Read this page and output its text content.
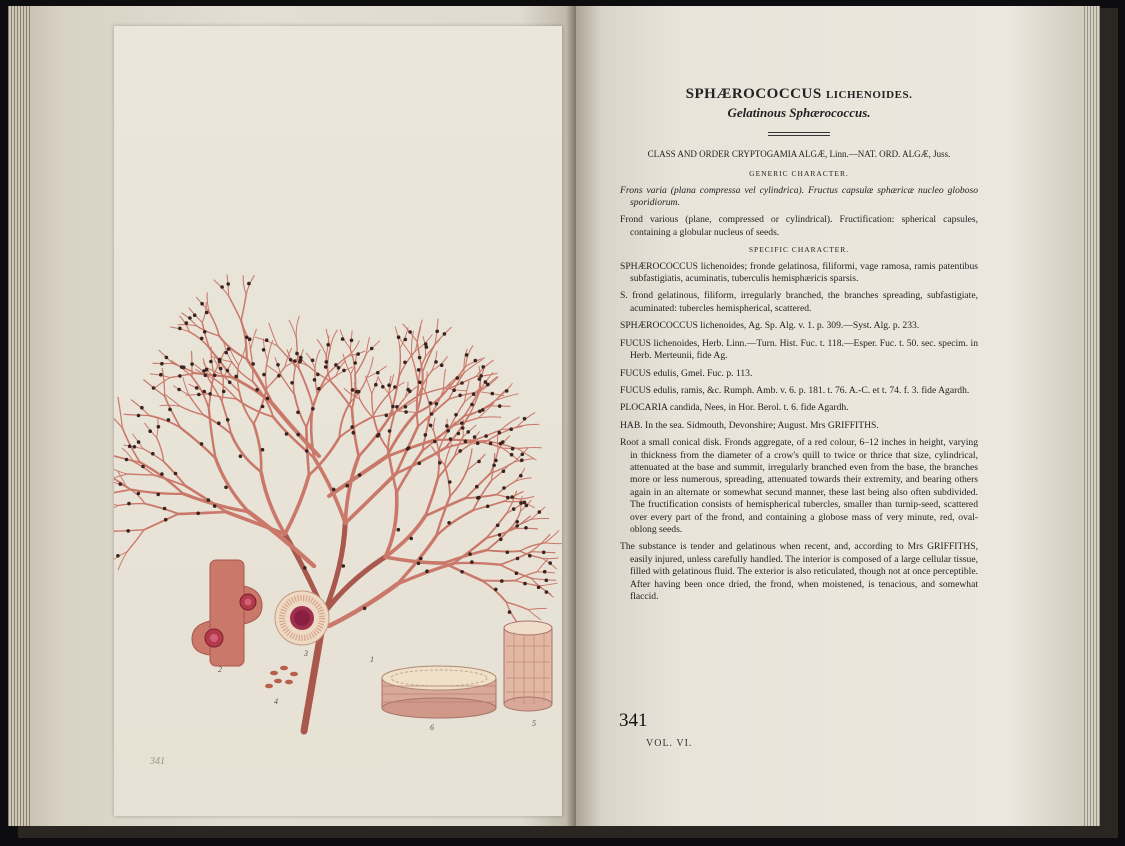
1
2
3
4
5
6
341
SPHÆROCOCCUS LICHENOIDES.
Gelatinous Sphærococcus.
CLASS AND ORDER CRYPTOGAMIA ALGÆ, Linn.—NAT. ORD. ALGÆ, Juss.
GENERIC CHARACTER.

Frons varia (plana compressa vel cylindrica). Fructus capsulæ sphæricæ nucleo globoso sporidiorum.

Frond various (plane, compressed or cylindrical). Fructification: spherical capsules, containing a globular nucleus of seeds.

SPECIFIC CHARACTER.

SPHÆROCOCCUS lichenoides; fronde gelatinosa, filiformi, vage ramosa, ramis patentibus subfastigiatis, acuminatis, tuberculis hemisphæricis sparsis.

S. frond gelatinous, filiform, irregularly branched, the branches spreading, subfastigiate, acuminated: tubercles hemispherical, scattered.

SPHÆROCOCCUS lichenoides, Ag. Sp. Alg. v. 1. p. 309.—Syst. Alg. p. 233.

FUCUS lichenoides, Herb. Linn.—Turn. Hist. Fuc. t. 118.—Esper. Fuc. t. 50. sec. specim. in Herb. Merteunii, fide Ag.

FUCUS edulis, Gmel. Fuc. p. 113.

FUCUS edulis, ramis, &c. Rumph. Amb. v. 6. p. 181. t. 76. A.-C. et t. 74. f. 3. fide Agardh.

PLOCARIA candida, Nees, in Hor. Berol. t. 6. fide Agardh.

HAB. In the sea. Sidmouth, Devonshire; August. Mrs GRIFFITHS.

Root a small conical disk. Fronds aggregate, of a red colour, 6–12 inches in height, varying in thickness from the diameter of a crow's quill to twice or thrice that size, cylindrical, attenuated at the base and summit, irregularly branched even from the base, the branches more or less numerous, spreading, attenuated towards their extremity, and bearing others again in an alternate or somewhat secund manner, these last being also often subdivided. The fructification consists of hemispherical tubercles, smaller than turnip-seed, scattered over every part of the frond, and containing a globose mass of very minute, red, oval-oblong seeds.

The substance is tender and gelatinous when recent, and, according to Mrs GRIFFITHS, easily injured, unless carefully handled. The interior is composed of a large cellular tissue, filled with gelatinous fluid. The exterior is also reticulated, though not at once perceptible. After having been once dried, the frond, when moistened, is tenacious, and somewhat flaccid.

341
VOL. VI.
